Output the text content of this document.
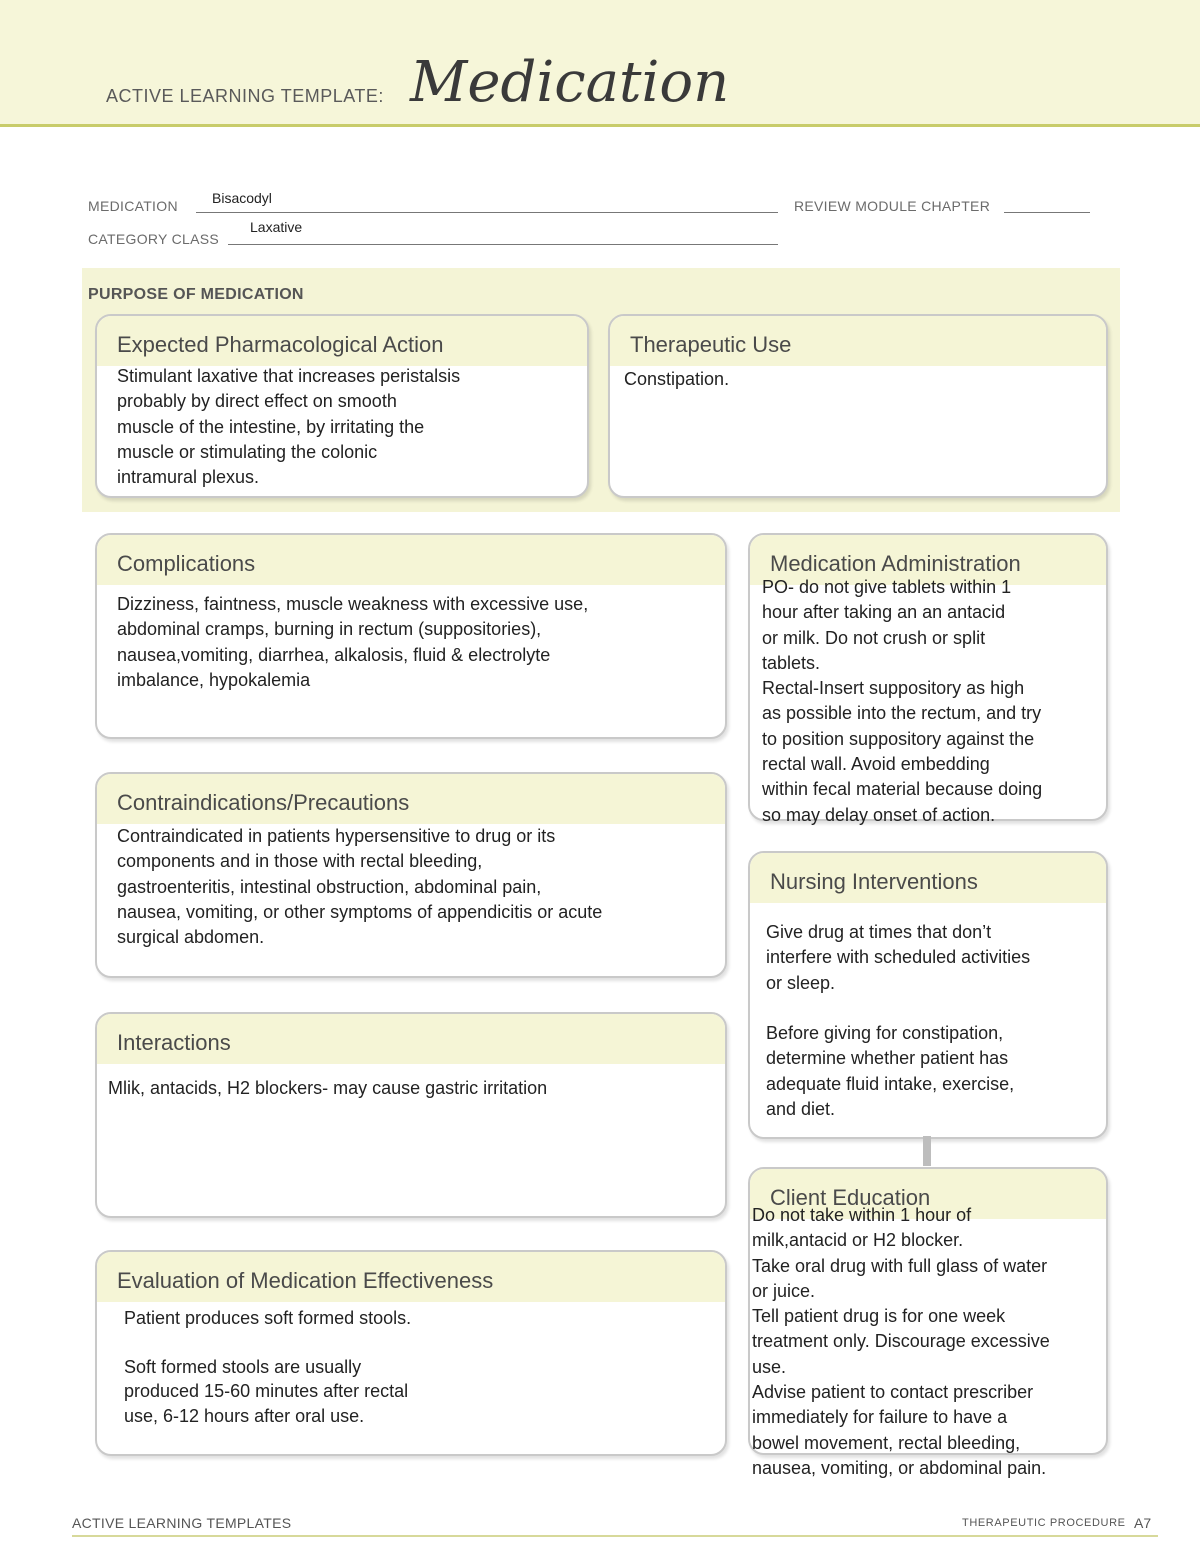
ACTIVE LEARNING TEMPLATE: Medication
MEDICATION Bisacodyl	REVIEW MODULE CHAPTER
CATEGORY CLASS
Laxative
PURPOSE OF MEDICATION
Expected Pharmacological Action
Stimulant laxative that increases peristalsis
probably by direct effect on smooth
muscle of the intestine, by irritating the
muscle or stimulating the colonic
intramural plexus.
Therapeutic Use
Constipation.
Complications
Dizziness, faintness, muscle weakness with excessive use,
abdominal cramps, burning in rectum (suppositories),
nausea,vomiting, diarrhea, alkalosis, fluid & electrolyte
imbalance, hypokalemia
Contraindications/Precautions
Contraindicated in patients hypersensitive to drug or its
components and in those with rectal bleeding,
gastroenteritis, intestinal obstruction, abdominal pain,
nausea, vomiting, or other symptoms of appendicitis or acute
surgical abdomen.
Interactions
Mlik, antacids, H2 blockers- may cause gastric irritation
Evaluation of Medication Effectiveness
Patient produces soft formed stools.

Soft formed stools are usually
produced 15-60 minutes after rectal
use, 6-12 hours after oral use.
Medication Administration
PO- do not give tablets within 1
hour after taking an an antacid
or milk. Do not crush or split
tablets.
Rectal-Insert suppository as high
as possible into the rectum, and try
to position suppository against the
rectal wall. Avoid embedding
within fecal material because doing
so may delay onset of action.
Nursing Interventions
Give drug at times that don’t
interfere with scheduled activities
or sleep.

Before giving for constipation,
determine whether patient has
adequate fluid intake, exercise,
and diet.
Client Education
Do not take within 1 hour of
milk,antacid or H2 blocker.
Take oral drug with full glass of water
or juice.
Tell patient drug is for one week
treatment only. Discourage excessive
use.
Advise patient to contact prescriber
immediately for failure to have a
bowel movement, rectal bleeding,
nausea, vomiting, or abdominal pain.
ACTIVE LEARNING TEMPLATES	THERAPEUTIC PROCEDURE A7
